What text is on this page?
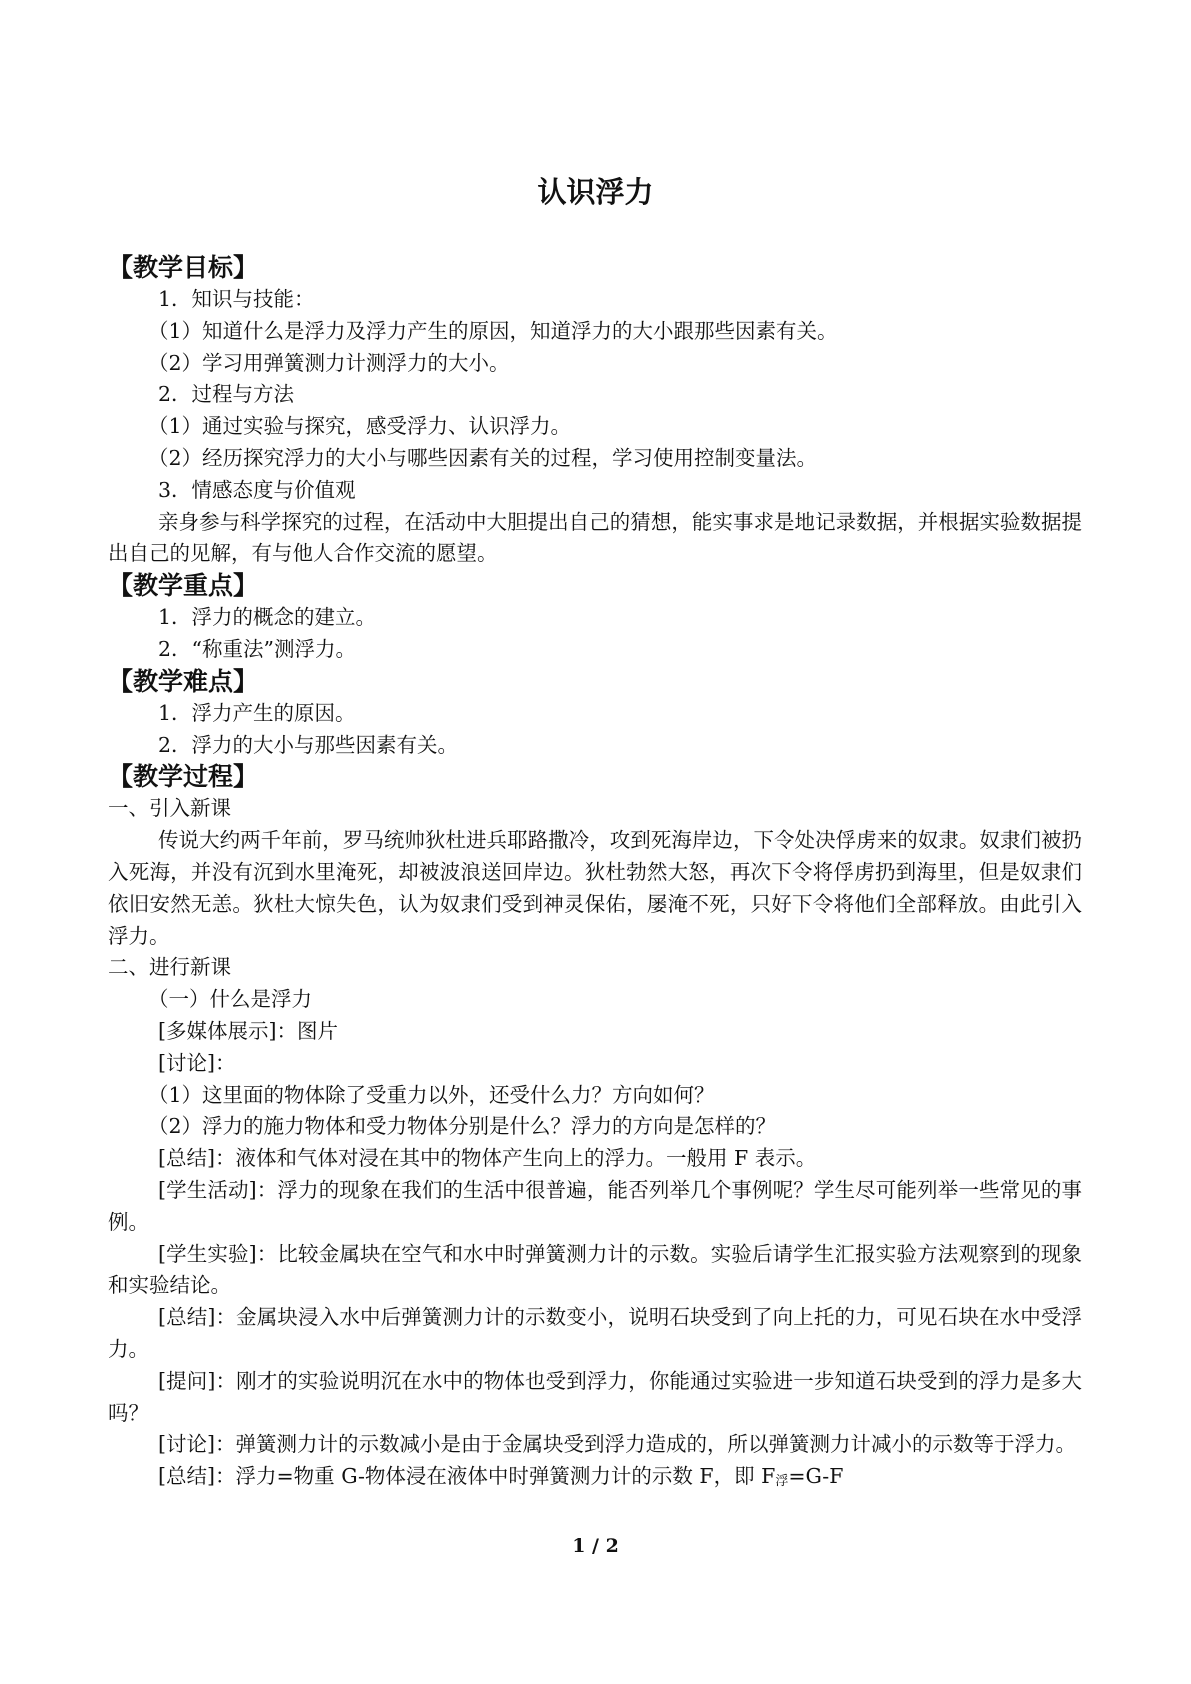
认识浮力

【教学目标】

1．知识与技能：

（1）知道什么是浮力及浮力产生的原因，知道浮力的大小跟那些因素有关。

（2）学习用弹簧测力计测浮力的大小。

2．过程与方法

（1）通过实验与探究，感受浮力、认识浮力。

（2）经历探究浮力的大小与哪些因素有关的过程，学习使用控制变量法。

3．情感态度与价值观

亲身参与科学探究的过程，在活动中大胆提出自己的猜想，能实事求是地记录数据，并根据实验数据提出自己的见解，有与他人合作交流的愿望。

【教学重点】

1．浮力的概念的建立。

2．“称重法”测浮力。

【教学难点】

1．浮力产生的原因。

2．浮力的大小与那些因素有关。

【教学过程】

一、引入新课

传说大约两千年前，罗马统帅狄杜进兵耶路撒冷，攻到死海岸边，下令处决俘虏来的奴隶。奴隶们被扔入死海，并没有沉到水里淹死，却被波浪送回岸边。狄杜勃然大怒，再次下令将俘虏扔到海里，但是奴隶们依旧安然无恙。狄杜大惊失色，认为奴隶们受到神灵保佑，屡淹不死，只好下令将他们全部释放。由此引入浮力。

二、进行新课

（一）什么是浮力

[多媒体展示]：图片

[讨论]：

（1）这里面的物体除了受重力以外，还受什么力？方向如何？

（2）浮力的施力物体和受力物体分别是什么？浮力的方向是怎样的？

[总结]：液体和气体对浸在其中的物体产生向上的浮力。一般用 F 表示。

[学生活动]：浮力的现象在我们的生活中很普遍，能否列举几个事例呢？学生尽可能列举一些常见的事例。

[学生实验]：比较金属块在空气和水中时弹簧测力计的示数。实验后请学生汇报实验方法观察到的现象和实验结论。

[总结]：金属块浸入水中后弹簧测力计的示数变小，说明石块受到了向上托的力，可见石块在水中受浮力。

[提问]：刚才的实验说明沉在水中的物体也受到浮力，你能通过实验进一步知道石块受到的浮力是多大吗？

[讨论]：弹簧测力计的示数减小是由于金属块受到浮力造成的，所以弹簧测力计减小的示数等于浮力。

[总结]：浮力=物重 G-物体浸在液体中时弹簧测力计的示数 F，即 $F_浮=G-F$

1 / 2
